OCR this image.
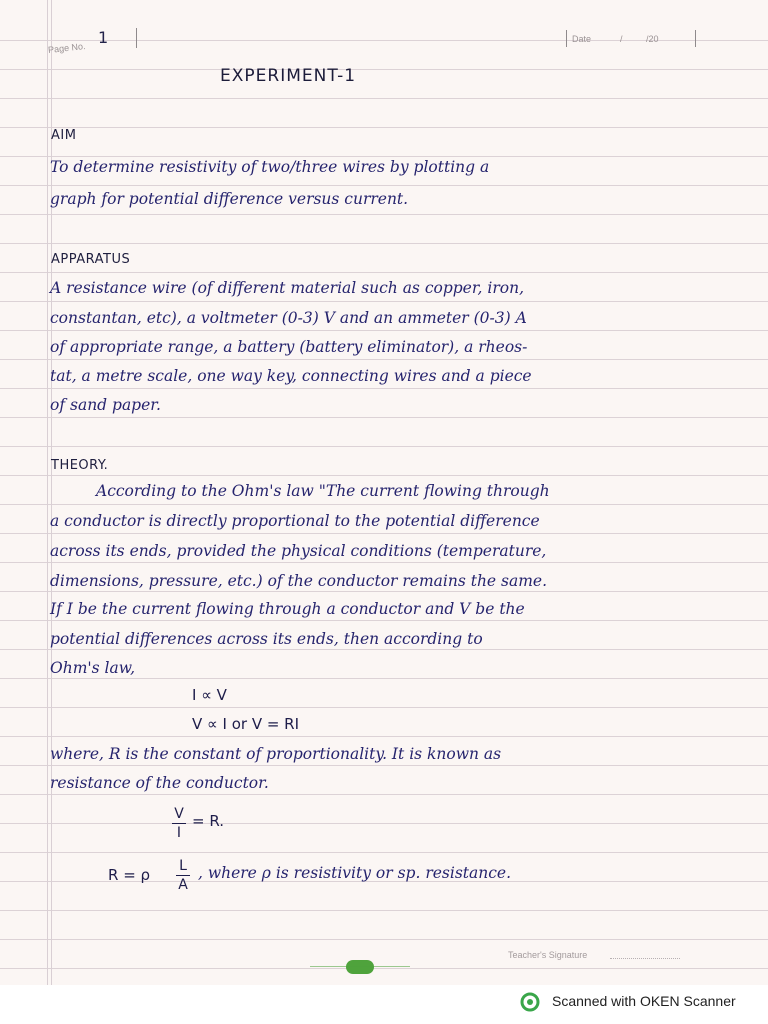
Page No.
1	Date	/	/20
EXPERIMENT-1
AIM
To determine resistivity of two/three wires by plotting a
graph for potential difference versus current.
APPARATUS
A resistance wire (of different material such as copper, iron,
constantan, etc), a voltmeter (0-3) V and an ammeter (0-3) A
of appropriate range, a battery (battery eliminator), a rheos-
tat, a metre scale, one way key, connecting wires and a piece
of sand paper.
THEORY.
According to the Ohm's law "The current flowing through
a conductor is directly proportional to the potential difference
across its ends, provided the physical conditions (temperature,
dimensions, pressure, etc.) of the conductor remains the same.
If I be the current flowing through a conductor and V be the
potential differences across its ends, then according to
Ohm's law,
I ∝ V
V ∝ I or V = RI
where, R is the constant of proportionality. It is known as
resistance of the conductor.
V
I
= R.
R = ρ L
A
, where ρ is resistivity or sp. resistance.
Teacher's Signature
Scanned with OKEN Scanner
